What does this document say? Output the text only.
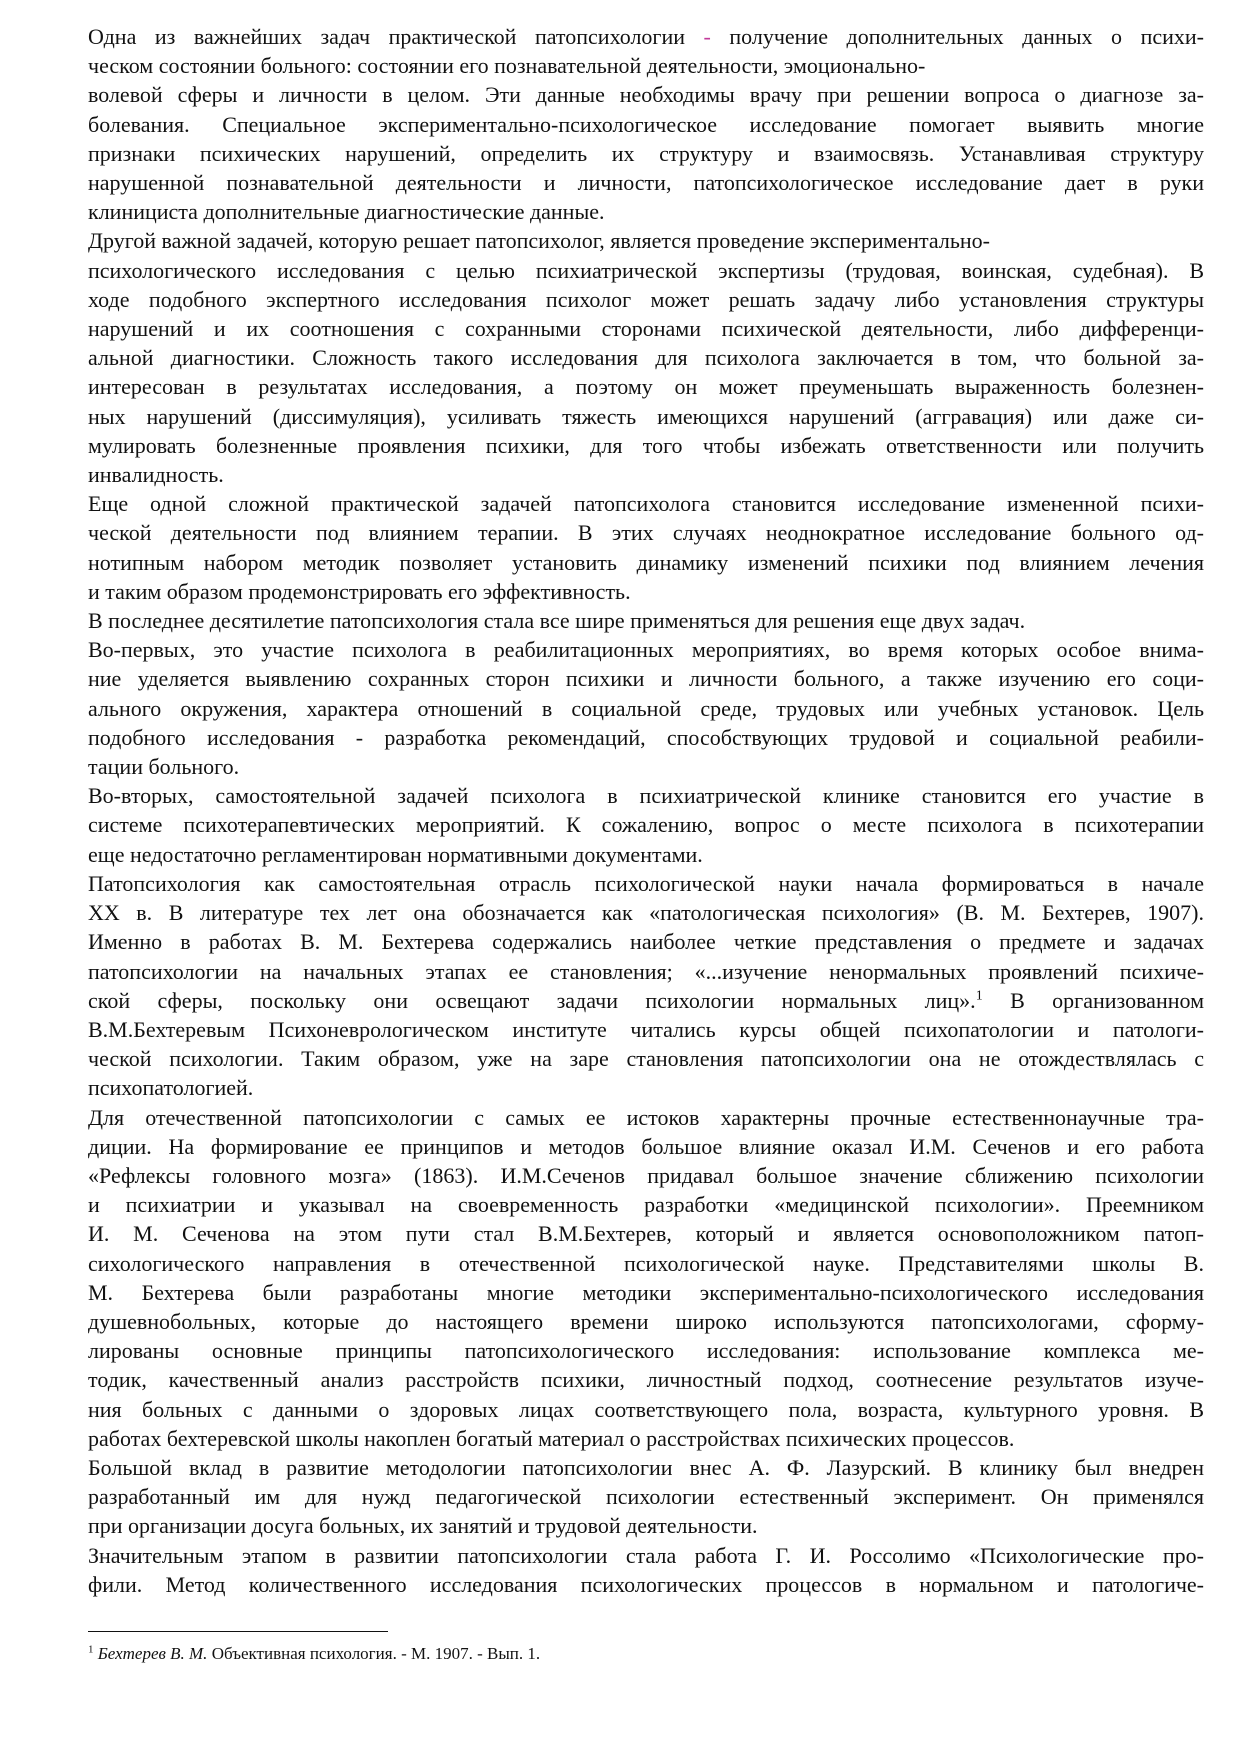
Одна из важнейших задач практической патопсихологии - получение дополнительных данных о психи-
ческом состоянии больного: состоянии его познавательной деятельности, эмоционально-
волевой сферы и личности в целом. Эти данные необходимы врачу при решении вопроса о диагнозе за-
болевания. Специальное экспериментально-психологическое исследование помогает выявить многие
признаки психических нарушений, определить их структуру и взаимосвязь. Устанавливая структуру
нарушенной познавательной деятельности и личности, патопсихологическое исследование дает в руки
клинициста дополнительные диагностические данные.
Другой важной задачей, которую решает патопсихолог, является проведение экспериментально-
психологического исследования с целью психиатрической экспертизы (трудовая, воинская, судебная). В
ходе подобного экспертного исследования психолог может решать задачу либо установления структуры
нарушений и их соотношения с сохранными сторонами психической деятельности, либо дифференци-
альной диагностики. Сложность такого исследования для психолога заключается в том, что больной за-
интересован в результатах исследования, а поэтому он может преуменьшать выраженность болезнен-
ных нарушений (диссимуляция), усиливать тяжесть имеющихся нарушений (аггравация) или даже си-
мулировать болезненные проявления психики, для того чтобы избежать ответственности или получить
инвалидность.
Еще одной сложной практической задачей патопсихолога становится исследование измененной психи-
ческой деятельности под влиянием терапии. В этих случаях неоднократное исследование больного од-
нотипным набором методик позволяет установить динамику изменений психики под влиянием лечения
и таким образом продемонстрировать его эффективность.
В последнее десятилетие патопсихология стала все шире применяться для решения еще двух задач.
Во-первых, это участие психолога в реабилитационных мероприятиях, во время которых особое внима-
ние уделяется выявлению сохранных сторон психики и личности больного, а также изучению его соци-
ального окружения, характера отношений в социальной среде, трудовых или учебных установок. Цель
подобного исследования - разработка рекомендаций, способствующих трудовой и социальной реабили-
тации больного.
Во-вторых, самостоятельной задачей психолога в психиатрической клинике становится его участие в
системе психотерапевтических мероприятий. К сожалению, вопрос о месте психолога в психотерапии
еще недостаточно регламентирован нормативными документами.
Патопсихология как самостоятельная отрасль психологической науки начала формироваться в начале
XX в. В литературе тех лет она обозначается как «патологическая психология» (В. М. Бехтерев, 1907).
Именно в работах В. М. Бехтерева содержались наиболее четкие представления о предмете и задачах
патопсихологии на начальных этапах ее становления; «...изучение ненормальных проявлений психиче-
ской сферы, поскольку они освещают задачи психологии нормальных лиц».$^1$ В организованном
В.М.Бехтеревым Психоневрологическом институте читались курсы общей психопатологии и патологи-
ческой психологии. Таким образом, уже на заре становления патопсихологии она не отождествлялась с
психопатологией.
Для отечественной патопсихологии с самых ее истоков характерны прочные естественнонаучные тра-
диции. На формирование ее принципов и методов большое влияние оказал И.М. Сеченов и его работа
«Рефлексы головного мозга» (1863). И.М.Сеченов придавал большое значение сближению психологии
и психиатрии и указывал на своевременность разработки «медицинской психологии». Преемником
И. М. Сеченова на этом пути стал В.М.Бехтерев, который и является основоположником патоп-
сихологического направления в отечественной психологической науке. Представителями школы В.
М. Бехтерева были разработаны многие методики экспериментально-психологического исследования
душевнобольных, которые до настоящего времени широко используются патопсихологами, сформу-
лированы основные принципы патопсихологического исследования: использование комплекса ме-
тодик, качественный анализ расстройств психики, личностный подход, соотнесение результатов изуче-
ния больных с данными о здоровых лицах соответствующего пола, возраста, культурного уровня. В
работах бехтеревской школы накоплен богатый материал о расстройствах психических процессов.
Большой вклад в развитие методологии патопсихологии внес А. Ф. Лазурский. В клинику был внедрен
разработанный им для нужд педагогической психологии естественный эксперимент. Он применялся
при организации досуга больных, их занятий и трудовой деятельности.
Значительным этапом в развитии патопсихологии стала работа Г. И. Россолимо «Психологические про-
фили. Метод количественного исследования психологических процессов в нормальном и патологиче-
$^1$ Бехтерев В. М. Объективная психология. - М. 1907. - Вып. 1.
